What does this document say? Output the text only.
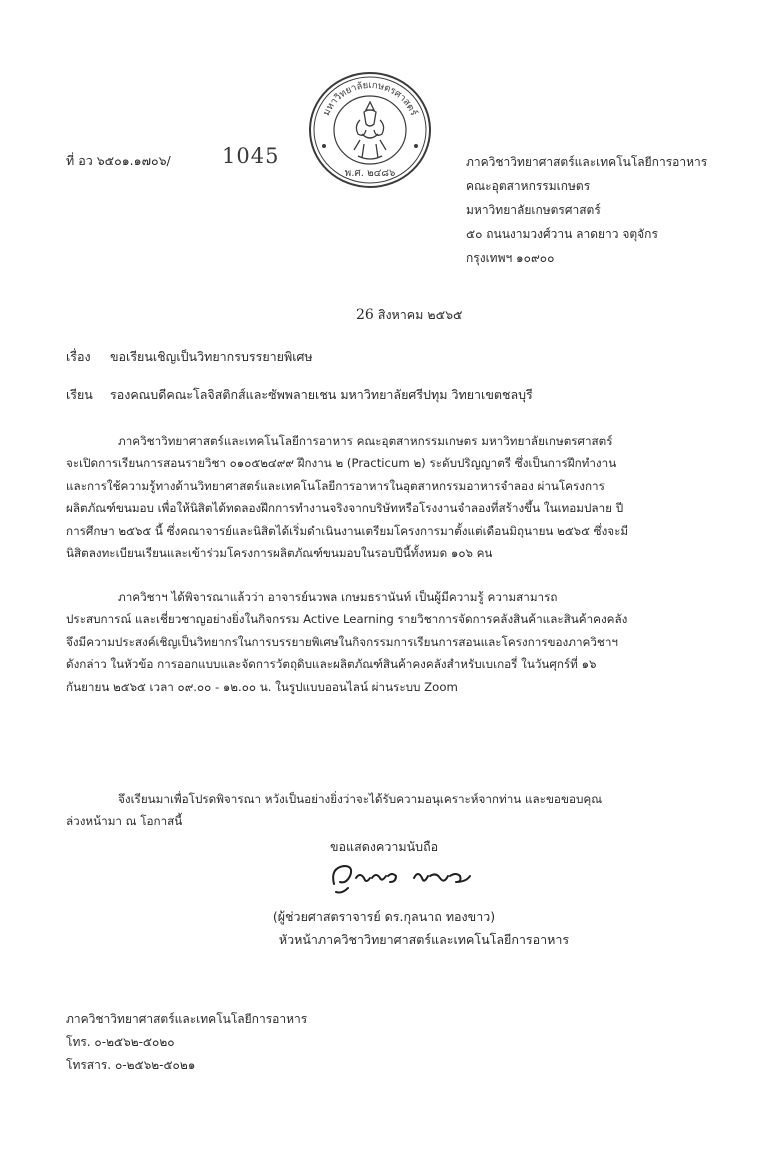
ที่ อว ๖๕๐๑.๑๗๐๖/ 1045
มหาวิทยาลัยเกษตรศาสตร์
พ.ศ. ๒๔๘๖
ภาควิชาวิทยาศาสตร์และเทคโนโลยีการอาหาร
คณะอุตสาหกรรมเกษตร
มหาวิทยาลัยเกษตรศาสตร์
๕๐ ถนนงามวงศ์วาน ลาดยาว จตุจักร
กรุงเทพฯ ๑๐๙๐๐
26 สิงหาคม ๒๕๖๕
เรื่อง ขอเรียนเชิญเป็นวิทยากรบรรยายพิเศษ
เรียน รองคณบดีคณะโลจิสติกส์และซัพพลายเชน มหาวิทยาลัยศรีปทุม วิทยาเขตชลบุรี
ภาควิชาวิทยาศาสตร์และเทคโนโลยีการอาหาร คณะอุตสาหกรรมเกษตร มหาวิทยาลัยเกษตรศาสตร์
จะเปิดการเรียนการสอนรายวิชา ๐๑๐๕๒๔๙๙ ฝึกงาน ๒ (Practicum ๒) ระดับปริญญาตรี ซึ่งเป็นการฝึกทำงาน
และการใช้ความรู้ทางด้านวิทยาศาสตร์และเทคโนโลยีการอาหารในอุตสาหกรรมอาหารจำลอง ผ่านโครงการ
ผลิตภัณฑ์ขนมอบ เพื่อให้นิสิตได้ทดลองฝึกการทำงานจริงจากบริษัทหรือโรงงานจำลองที่สร้างขึ้น ในเทอมปลาย ปี
การศึกษา ๒๕๖๕ นี้ ซึ่งคณาจารย์และนิสิตได้เริ่มดำเนินงานเตรียมโครงการมาตั้งแต่เดือนมิถุนายน ๒๕๖๕ ซึ่งจะมี
นิสิตลงทะเบียนเรียนและเข้าร่วมโครงการผลิตภัณฑ์ขนมอบในรอบปีนี้ทั้งหมด ๑๐๖ คน
ภาควิชาฯ ได้พิจารณาแล้วว่า อาจารย์นวพล เกษมธรานันท์ เป็นผู้มีความรู้ ความสามารถ
ประสบการณ์ และเชี่ยวชาญอย่างยิ่งในกิจกรรม Active Learning รายวิชาการจัดการคลังสินค้าและสินค้าคงคลัง
จึงมีความประสงค์เชิญเป็นวิทยากรในการบรรยายพิเศษในกิจกรรมการเรียนการสอนและโครงการของภาควิชาฯ
ดังกล่าว ในหัวข้อ การออกแบบและจัดการวัตถุดิบและผลิตภัณฑ์สินค้าคงคลังสำหรับเบเกอรี่ ในวันศุกร์ที่ ๑๖
กันยายน ๒๕๖๕ เวลา ๐๙.๐๐ - ๑๒.๐๐ น. ในรูปแบบออนไลน์ ผ่านระบบ Zoom
จึงเรียนมาเพื่อโปรดพิจารณา หวังเป็นอย่างยิ่งว่าจะได้รับความอนุเคราะห์จากท่าน และขอขอบคุณ
ล่วงหน้ามา ณ โอกาสนี้
ขอแสดงความนับถือ
(ผู้ช่วยศาสตราจารย์ ดร.กุลนาถ ทองขาว)
หัวหน้าภาควิชาวิทยาศาสตร์และเทคโนโลยีการอาหาร
ภาควิชาวิทยาศาสตร์และเทคโนโลยีการอาหาร
โทร. ๐-๒๕๖๒-๕๐๒๐
โทรสาร. ๐-๒๕๖๒-๕๐๒๑
